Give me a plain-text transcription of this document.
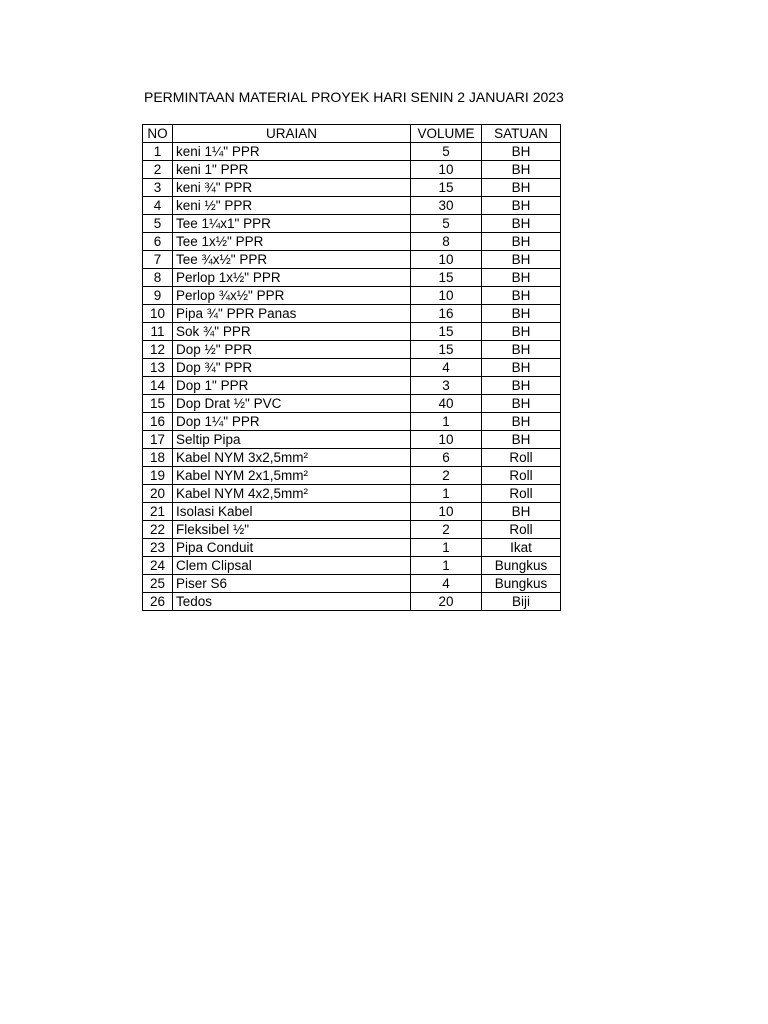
PERMINTAAN MATERIAL PROYEK HARI SENIN 2 JANUARI 2023
NO	URAIAN	VOLUME	SATUAN
1	keni 1¼" PPR	5	BH
2	keni 1" PPR	10	BH
3	keni ¾" PPR	15	BH
4	keni ½" PPR	30	BH
5	Tee 1¼x1" PPR	5	BH
6	Tee 1x½" PPR	8	BH
7	Tee ¾x½" PPR	10	BH
8	Perlop 1x½" PPR	15	BH
9	Perlop ¾x½" PPR	10	BH
10	Pipa ¾" PPR Panas	16	BH
11	Sok ¾" PPR	15	BH
12	Dop ½" PPR	15	BH
13	Dop ¾" PPR	4	BH
14	Dop 1" PPR	3	BH
15	Dop Drat ½" PVC	40	BH
16	Dop 1¼" PPR	1	BH
17	Seltip Pipa	10	BH
18	Kabel NYM 3x2,5mm²	6	Roll
19	Kabel NYM 2x1,5mm²	2	Roll
20	Kabel NYM 4x2,5mm²	1	Roll
21	Isolasi Kabel	10	BH
22	Fleksibel ½"	2	Roll
23	Pipa Conduit	1	Ikat
24	Clem Clipsal	1	Bungkus
25	Piser S6	4	Bungkus
26	Tedos	20	Biji
